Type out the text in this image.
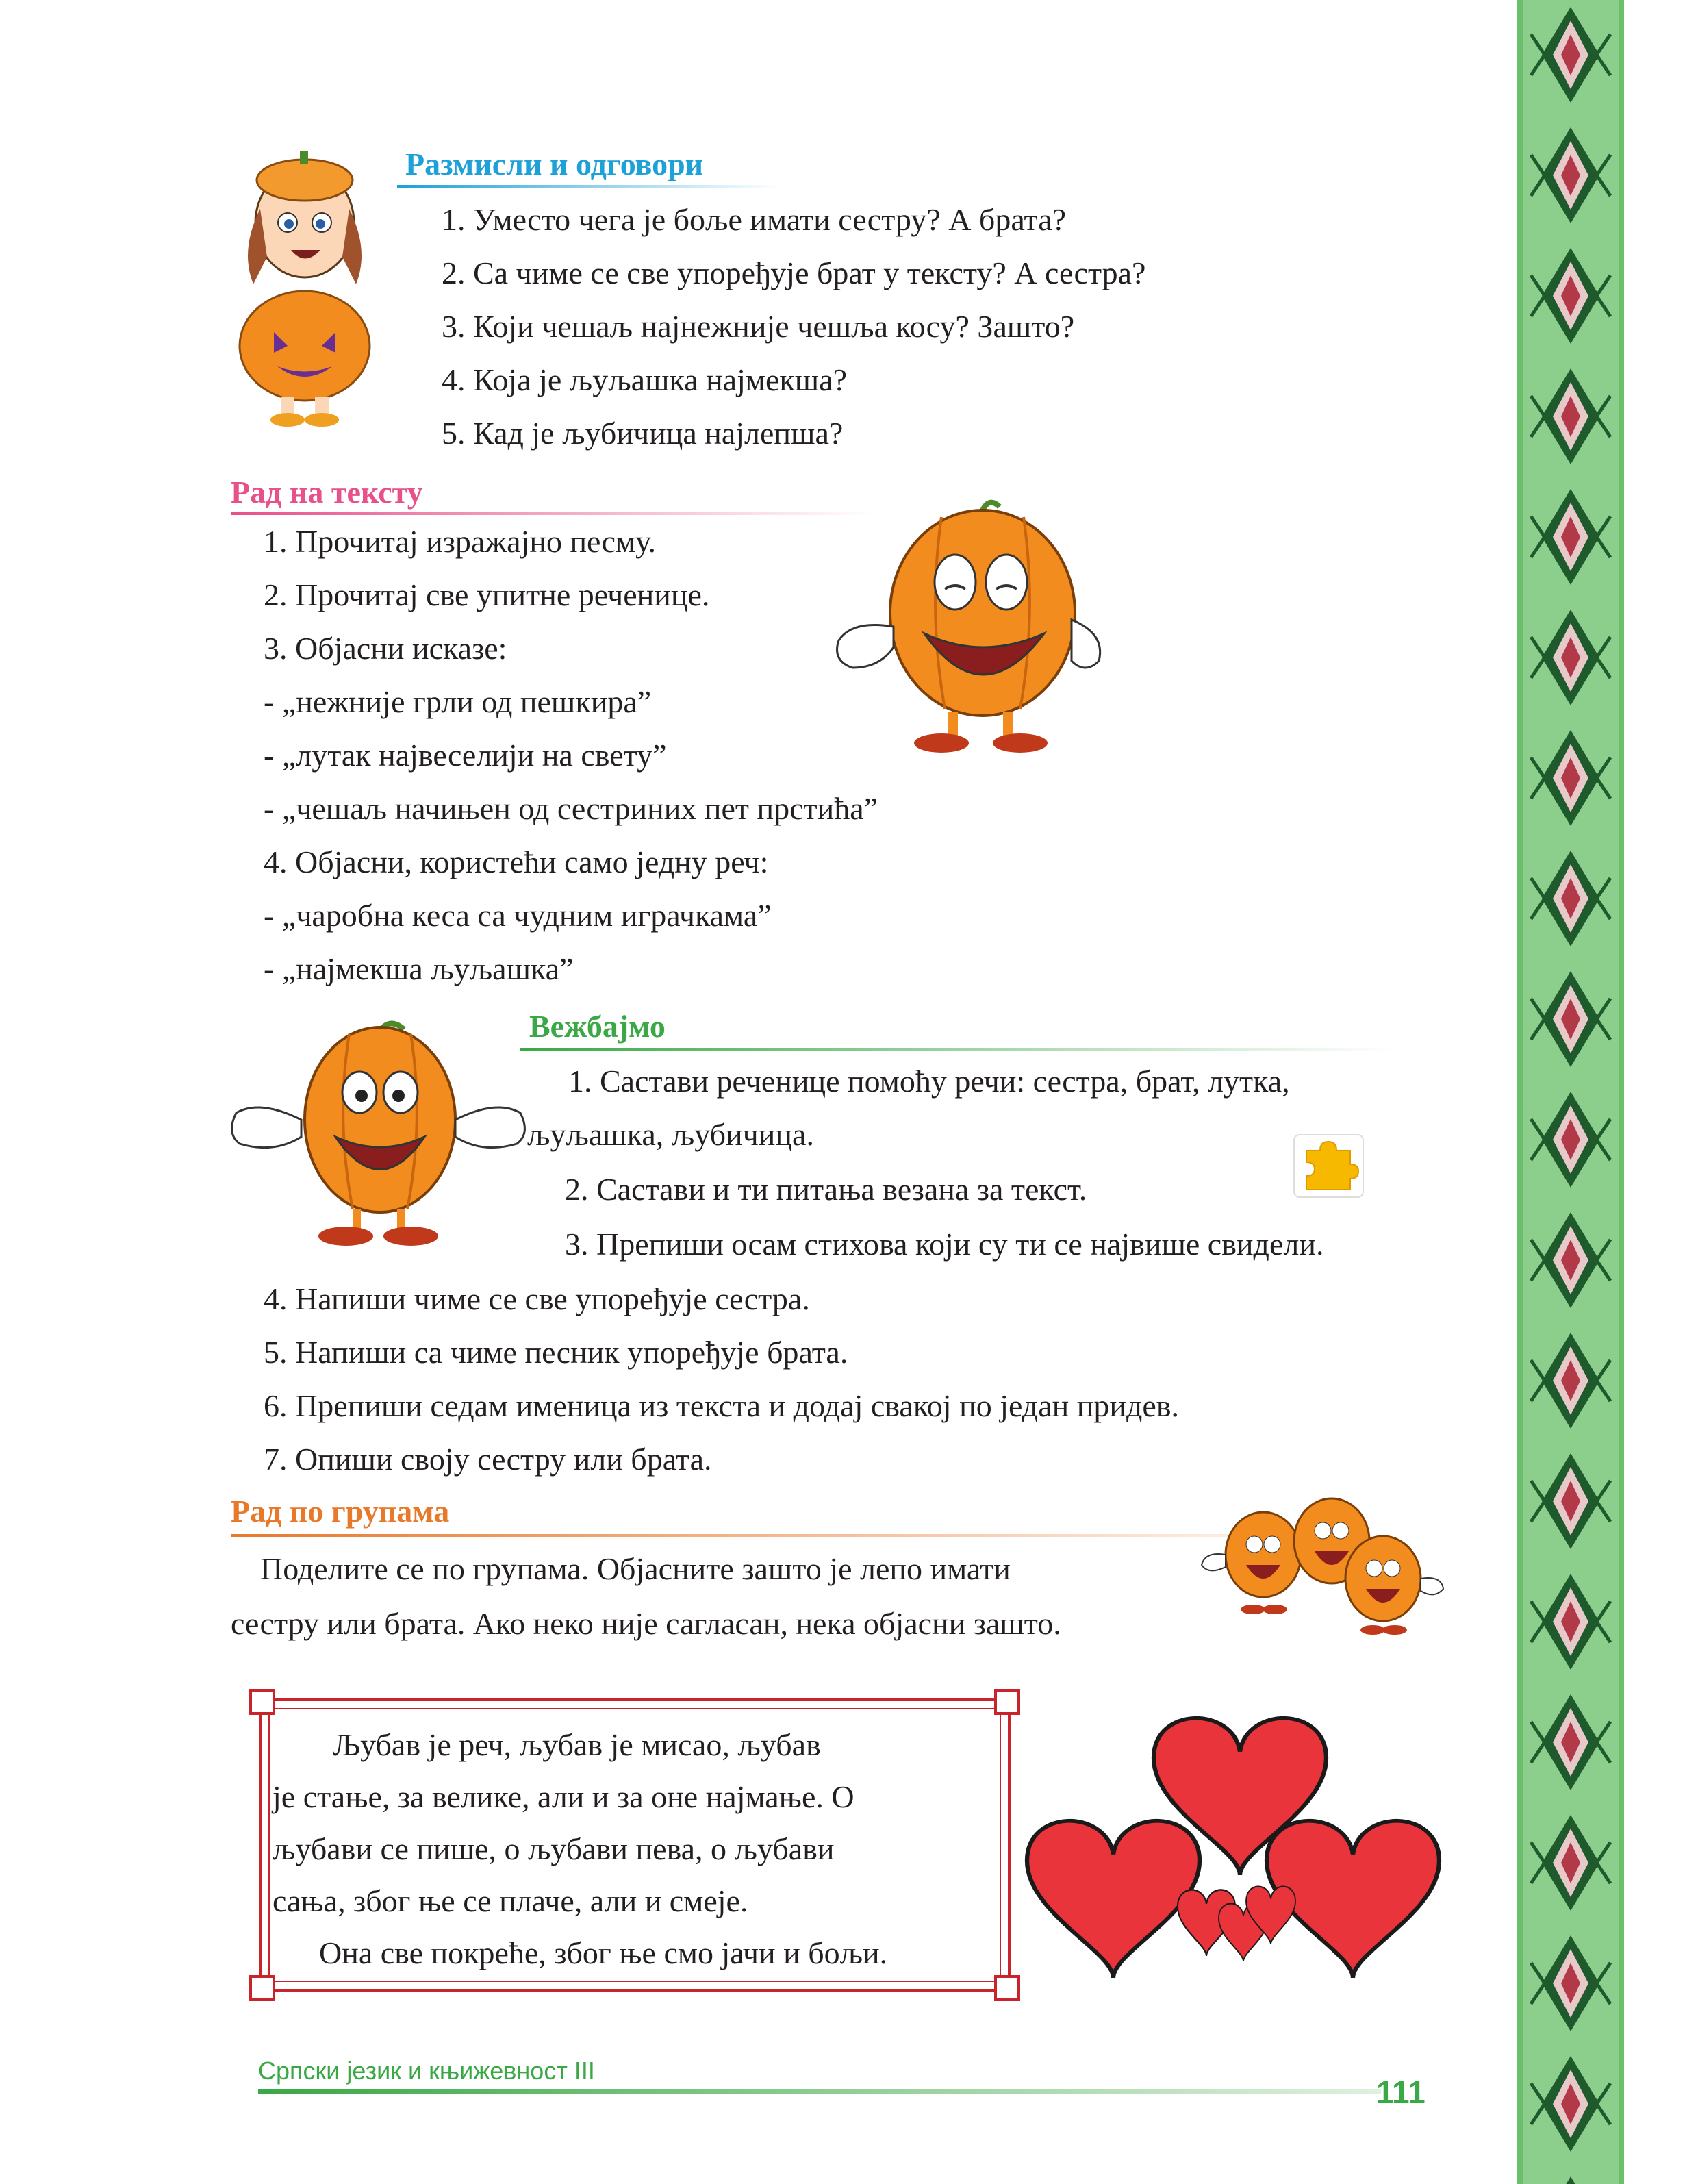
Размисли и одговори
1. Уместо чега је боље имати сестру? А брата?
2. Са чиме се све упоређује брат у тексту? А сестра?
3. Који чешаљ најнежније чешља косу? Зашто?
4. Која је љуљашка најмекша?
5. Кад је љубичица најлепша?
Рад на тексту
1. Прочитај изражајно песму.
2. Прочитај све упитне реченице.
3. Објасни исказе:
- „нежније грли од пешкира”
- „лутак највеселији на свету”
- „чешаљ начињен од сестриних пет прстића”
4. Објасни, користећи само једну реч:
- „чаробна кеса са чудним играчкама”
- „најмекша љуљашка”
Вежбајмо
1. Састави реченице помоћу речи: сестра, брат, лутка,
љуљашка, љубичица.
2. Састави и ти питања везана за текст.
3. Препиши осам стихова који су ти се највише свидели.
4. Напиши чиме се све упоређује сестра.
5. Напиши са чиме песник упоређује брата.
6. Препиши седам именица из текста и додај свакој по један придев.
7. Опиши своју сестру или брата.
Рад по групама
Поделите се по групама. Објасните зашто је лепо имати
сестру или брата. Ако неко није сагласан, нека објасни зашто.
Љубав је реч, љубав је мисао, љубав
је стање, за велике, али и за оне најмање. О
љубави се пише, о љубави пева, о љубави
сања, због ње се плаче, али и смеје.
Она све покреће, због ње смо јачи и бољи.
Српски језик и књижевност III
111
